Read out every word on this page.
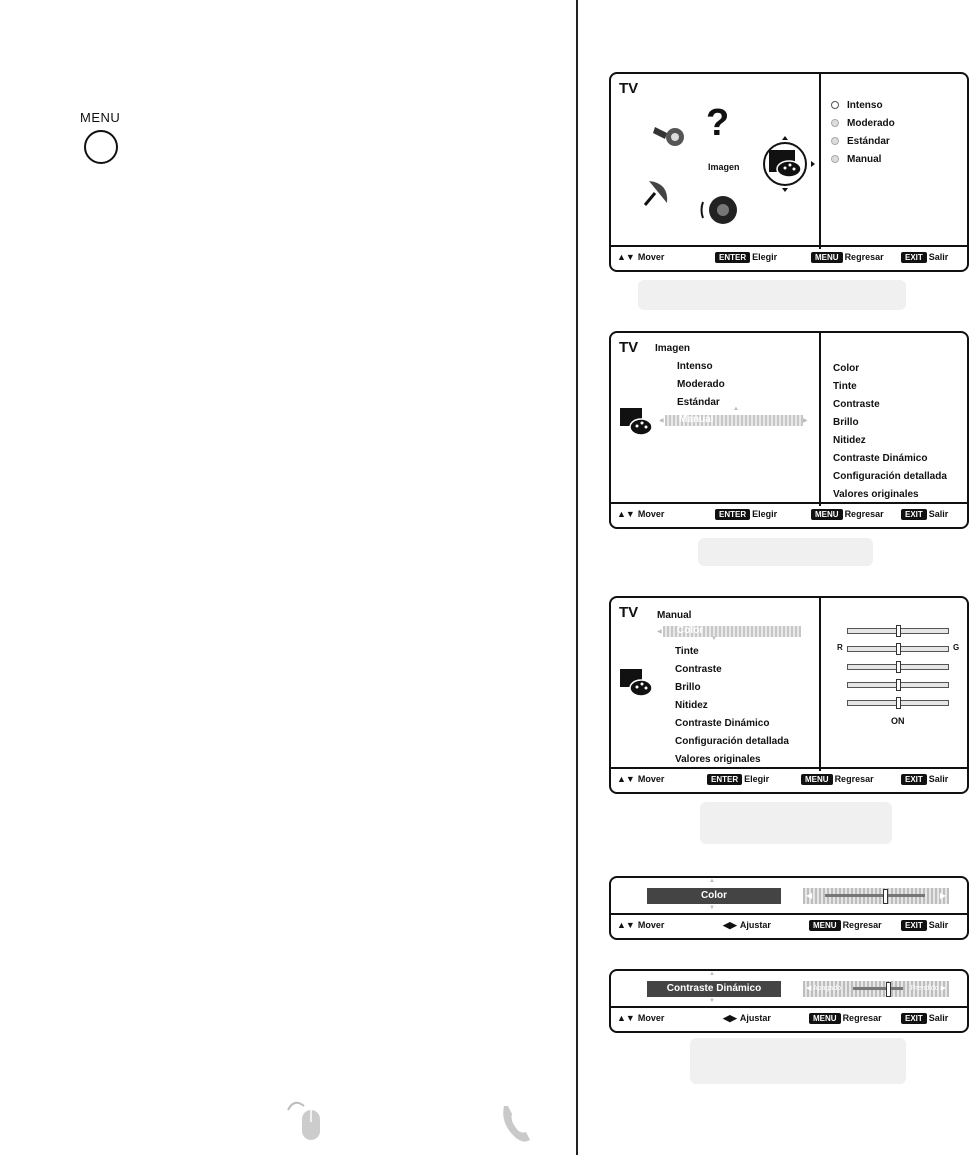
MENU
TV
?
Imagen
Intenso
Moderado
Estándar
Manual
▲▼ Mover	ENTER Elegir	MENU Regresar	EXIT Salir
TV Imagen
Intenso
Moderado
Estándar
▲
Manual
◀	▶
Color
Tinte
Contraste
Brillo
Nitidez
Contraste Dinámico
Configuración detallada
Valores originales
▲▼ Mover	ENTER Elegir	MENU Regresar	EXIT Salir
TV Manual
Color
◀
▼
Tinte
Contraste
Brillo
Nitidez
Contraste Dinámico
Configuración detallada
Valores originales
R	G
ON
▲▼ Mover	ENTER Elegir	MENU Regresar	EXIT Salir
▲
Color
▼
◀	▶
▲▼ Mover	◀▶ Ajustar	MENU Regresar	EXIT Salir
▲
Contraste Dinámico
▼
◀ Apagado	Prendido ▶
▲▼ Mover	◀▶ Ajustar	MENU Regresar	EXIT Salir
